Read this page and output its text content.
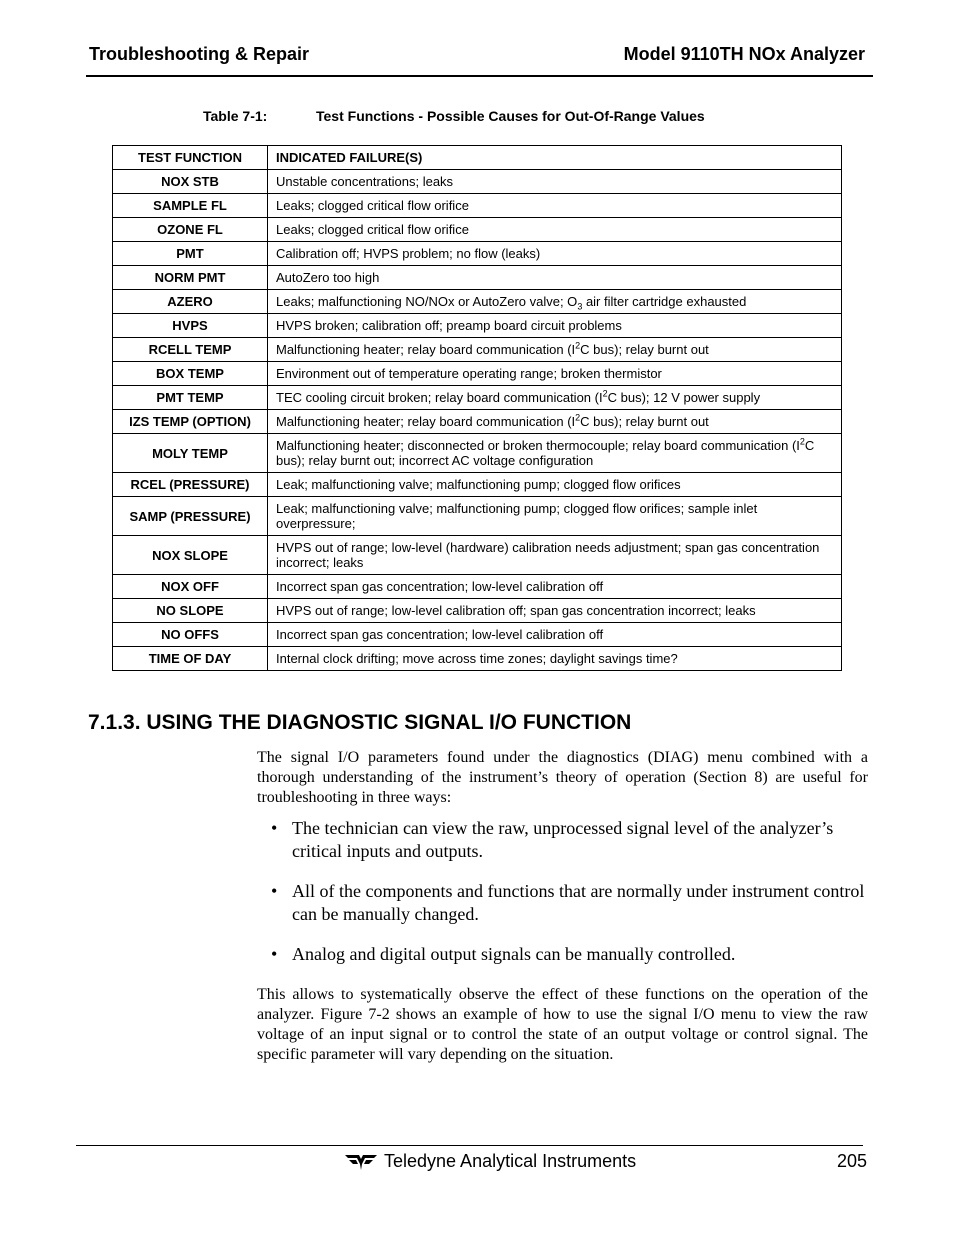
Troubleshooting & Repair	Model 9110TH NOx Analyzer
Table 7-1:	Test Functions - Possible Causes for Out-Of-Range Values
TEST FUNCTION	INDICATED FAILURE(S)
NOX STB	Unstable concentrations; leaks
SAMPLE FL	Leaks; clogged critical flow orifice
OZONE FL	Leaks; clogged critical flow orifice
PMT	Calibration off; HVPS problem; no flow (leaks)
NORM PMT	AutoZero too high
AZERO	Leaks; malfunctioning NO/NOx or AutoZero valve; $O_3$ air filter cartridge exhausted
HVPS	HVPS broken; calibration off; preamp board circuit problems
RCELL TEMP	Malfunctioning heater; relay board communication ($I^2C$ bus); relay burnt out
BOX TEMP	Environment out of temperature operating range; broken thermistor
PMT TEMP	TEC cooling circuit broken; relay board communication ($I^2C$ bus); 12 V power supply
IZS TEMP (OPTION)	Malfunctioning heater; relay board communication ($I^2C$ bus); relay burnt out
MOLY TEMP	Malfunctioning heater; disconnected or broken thermocouple; relay board communication ($I^2C$ bus); relay burnt out; incorrect AC voltage configuration
RCEL (PRESSURE)	Leak; malfunctioning valve; malfunctioning pump; clogged flow orifices
SAMP (PRESSURE)	Leak; malfunctioning valve; malfunctioning pump; clogged flow orifices; sample inlet overpressure;
NOX SLOPE	HVPS out of range; low-level (hardware) calibration needs adjustment; span gas concentration incorrect; leaks
NOX OFF	Incorrect span gas concentration; low-level calibration off
NO SLOPE	HVPS out of range; low-level calibration off; span gas concentration incorrect; leaks
NO OFFS	Incorrect span gas concentration; low-level calibration off
TIME OF DAY	Internal clock drifting; move across time zones; daylight savings time?
7.1.3. USING THE DIAGNOSTIC SIGNAL I/O FUNCTION
The signal I/O parameters found under the diagnostics (DIAG) menu combined with a thorough understanding of the instrument’s theory of operation (Section 8) are useful for troubleshooting in three ways:
• The technician can view the raw, unprocessed signal level of the analyzer’s critical inputs and outputs.
• All of the components and functions that are normally under instrument control can be manually changed.
• Analog and digital output signals can be manually controlled.
This allows to systematically observe the effect of these functions on the operation of the analyzer. Figure 7-2 shows an example of how to use the signal I/O menu to view the raw voltage of an input signal or to control the state of an output voltage or control signal. The specific parameter will vary depending on the situation.
Teledyne Analytical Instruments	205
